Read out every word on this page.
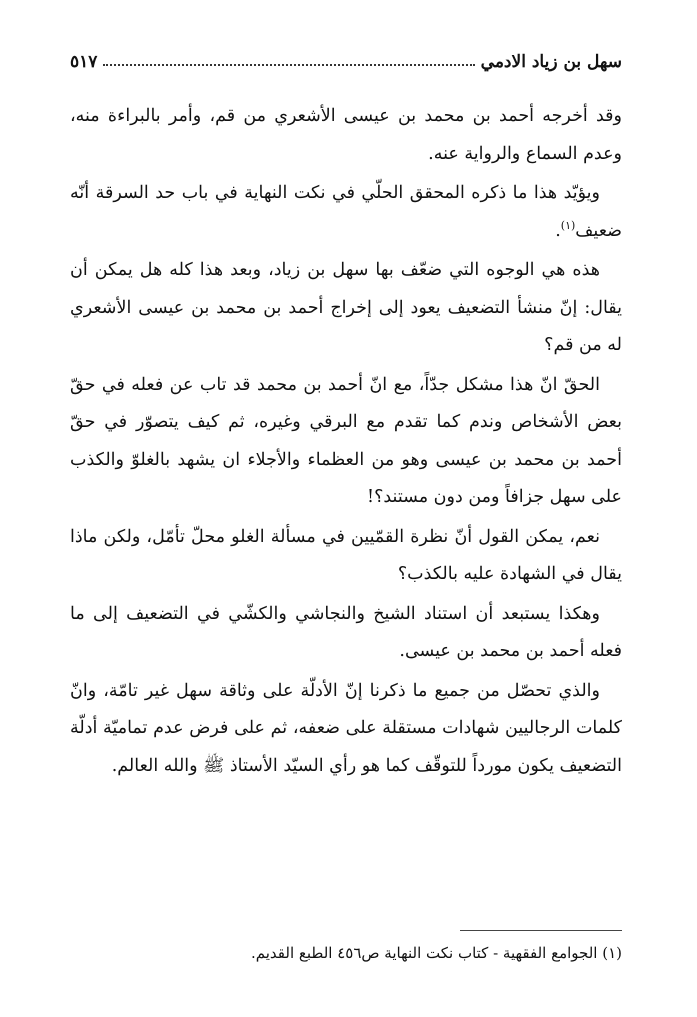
سهل بن زياد الادمي
٥١٧

وقد أخرجه أحمد بن محمد بن عيسى الأشعري من قم، وأمر بالبراءة منه، وعدم السماع والرواية عنه.

ويؤيّد هذا ما ذكره المحقق الحلّي في نكت النهاية في باب حد السرقة أنّه ضعيف$^{(١)}$.

هذه هي الوجوه التي ضعّف بها سهل بن زياد، وبعد هذا كله هل يمكن أن يقال: إنّ منشأ التضعيف يعود إلى إخراج أحمد بن محمد بن عيسى الأشعري له من قم؟

الحقّ انّ هذا مشكل جدّاً، مع انّ أحمد بن محمد قد تاب عن فعله في حقّ بعض الأشخاص وندم كما تقدم مع البرقي وغيره، ثم كيف يتصوّر في حقّ أحمد بن محمد بن عيسى وهو من العظماء والأجلاء ان يشهد بالغلوّ والكذب على سهل جزافاً ومن دون مستند؟!

نعم، يمكن القول أنّ نظرة القمّيين في مسألة الغلو محلّ تأمّل، ولكن ماذا يقال في الشهادة عليه بالكذب؟

وهكذا يستبعد أن استناد الشيخ والنجاشي والكشّي في التضعيف إلى ما فعله أحمد بن محمد بن عيسى.

والذي تحصّل من جميع ما ذكرنا إنّ الأدلّة على وثاقة سهل غير تامّة، وانّ كلمات الرجاليين شهادات مستقلة على ضعفه، ثم على فرض عدم تماميّة أدلّة التضعيف يكون مورداً للتوقّف كما هو رأي السيّد الأستاذ ﷺ والله العالم.

(١) الجوامع الفقهية - كتاب نكت النهاية ص٤٥٦ الطبع القديم.
